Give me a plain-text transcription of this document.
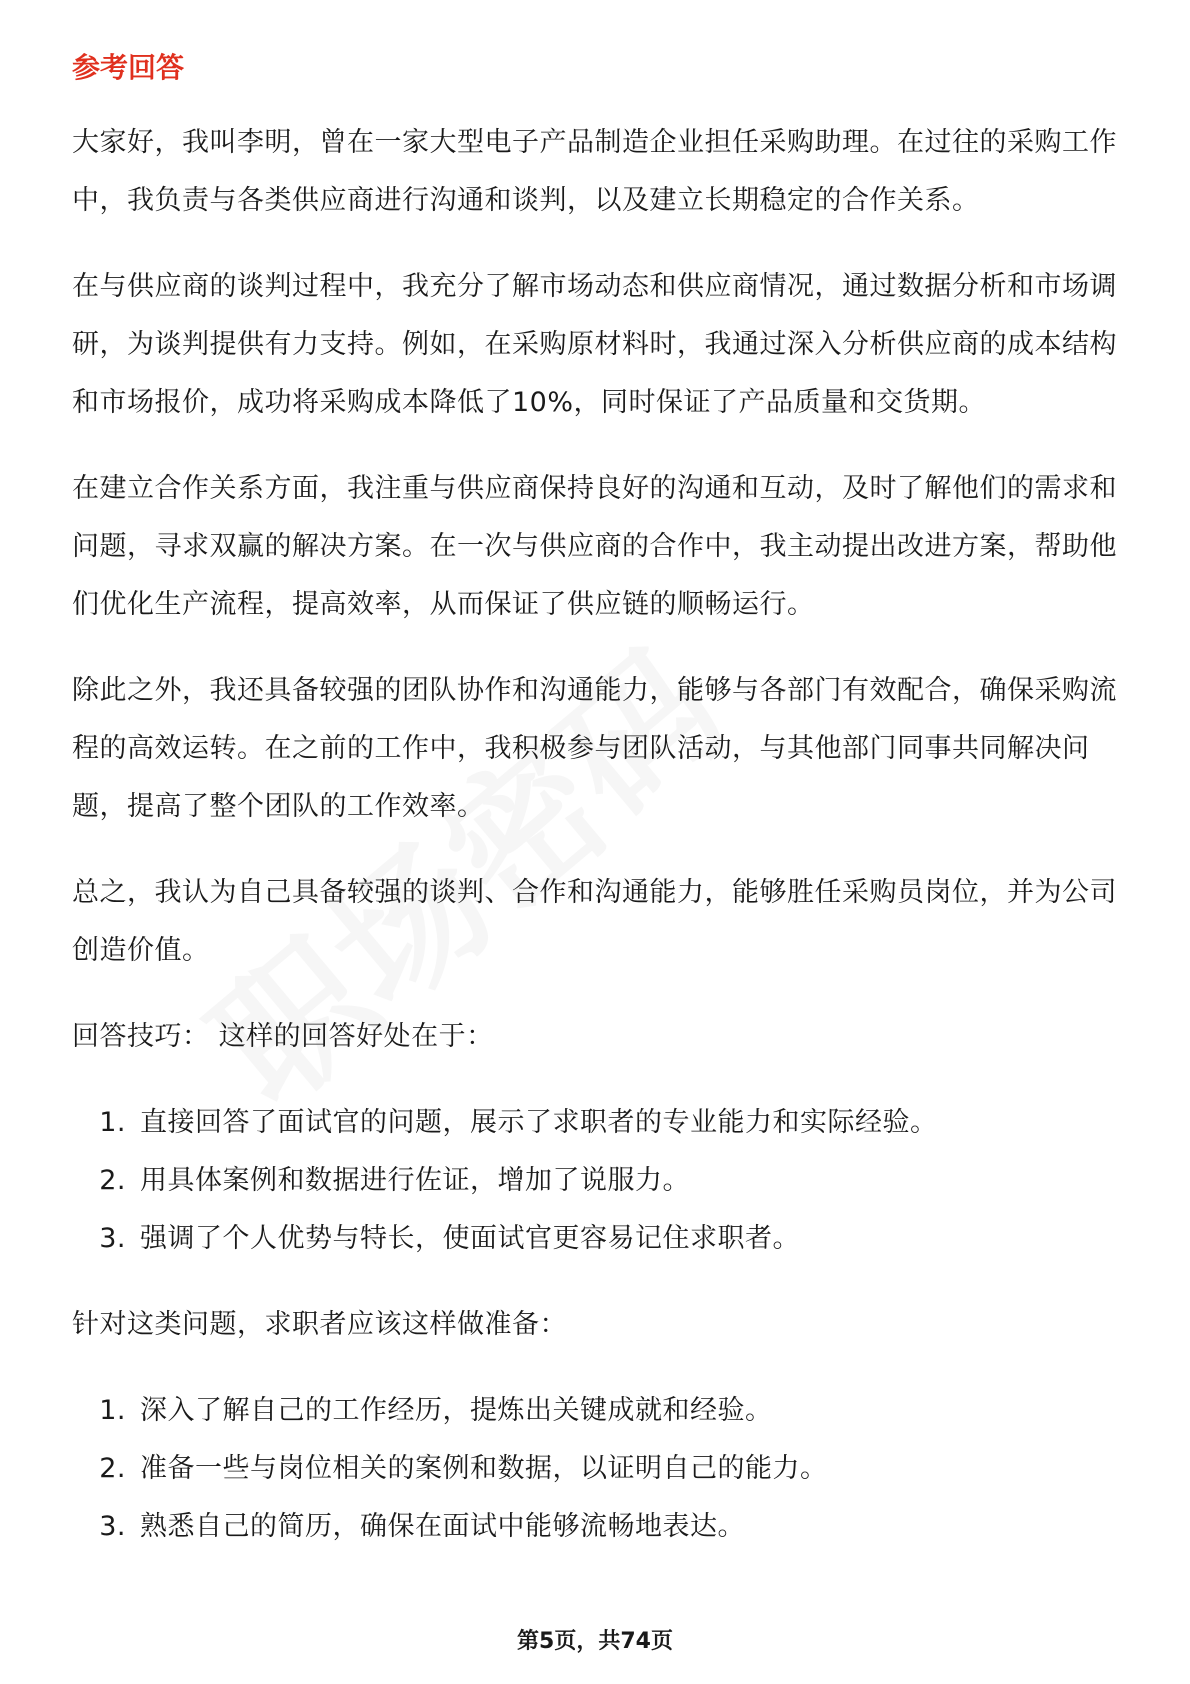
参考回答

大家好，我叫李明，曾在一家大型电子产品制造企业担任采购助理。在过往的采购工作中，我负责与各类供应商进行沟通和谈判，以及建立长期稳定的合作关系。

在与供应商的谈判过程中，我充分了解市场动态和供应商情况，通过数据分析和市场调研，为谈判提供有力支持。例如，在采购原材料时，我通过深入分析供应商的成本结构和市场报价，成功将采购成本降低了10%，同时保证了产品质量和交货期。

在建立合作关系方面，我注重与供应商保持良好的沟通和互动，及时了解他们的需求和问题，寻求双赢的解决方案。在一次与供应商的合作中，我主动提出改进方案，帮助他们优化生产流程，提高效率，从而保证了供应链的顺畅运行。

除此之外，我还具备较强的团队协作和沟通能力，能够与各部门有效配合，确保采购流程的高效运转。在之前的工作中，我积极参与团队活动，与其他部门同事共同解决问题，提高了整个团队的工作效率。

总之，我认为自己具备较强的谈判、合作和沟通能力，能够胜任采购员岗位，并为公司创造价值。

回答技巧： 这样的回答好处在于：

1. 直接回答了面试官的问题，展示了求职者的专业能力和实际经验。
2. 用具体案例和数据进行佐证，增加了说服力。
3. 强调了个人优势与特长，使面试官更容易记住求职者。

针对这类问题，求职者应该这样做准备：

1. 深入了解自己的工作经历，提炼出关键成就和经验。
2. 准备一些与岗位相关的案例和数据，以证明自己的能力。
3. 熟悉自己的简历，确保在面试中能够流畅地表达。
第5页，共74页
